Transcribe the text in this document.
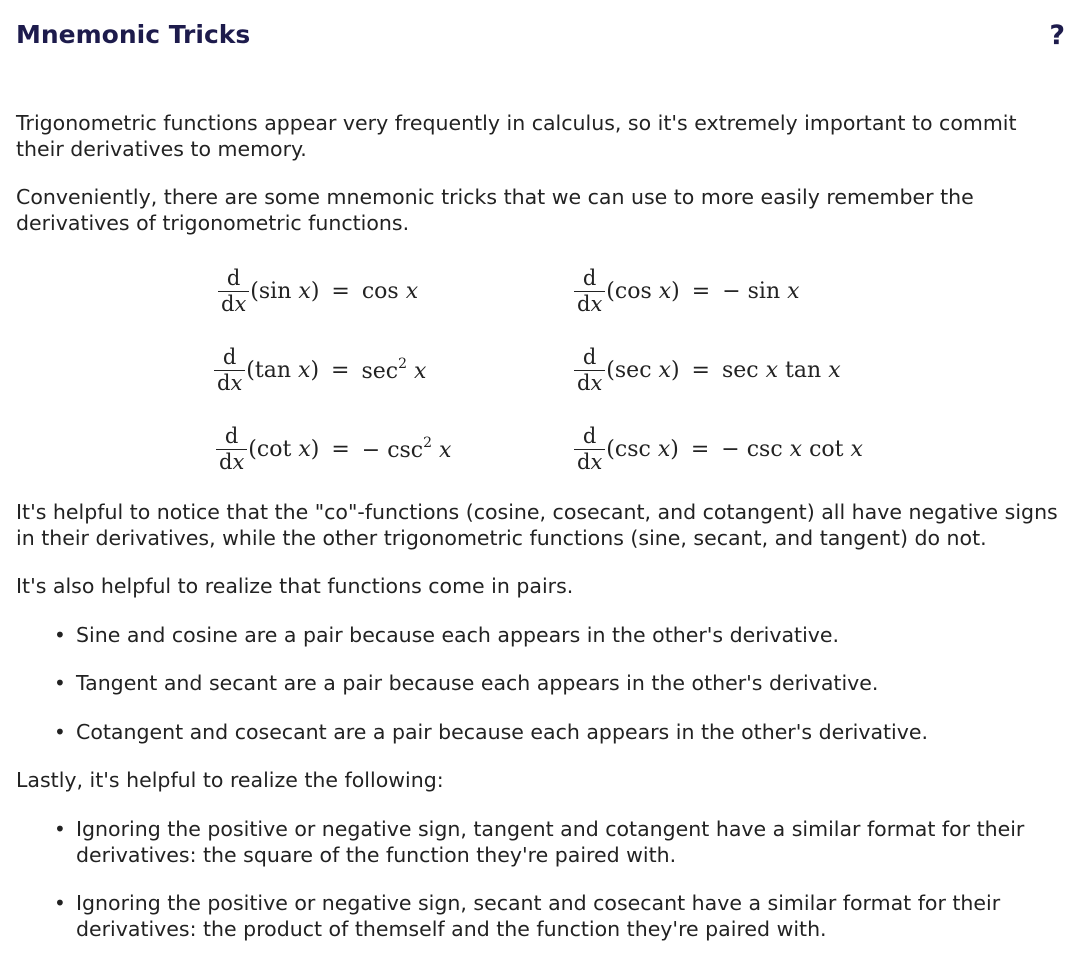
Mnemonic Tricks	?

Trigonometric functions appear very frequently in calculus, so it's extremely important to commit their derivatives to memory.

Conveniently, there are some mnemonic tricks that we can use to more easily remember the derivatives of trigonometric functions.

$\frac{d}{dx} (\sin$ x) = cos x	$\frac{d}{dx} (\cos$ x) = − sin x
$\frac{d}{dx} (\tan$ $x) = \sec^2 x$	$\frac{d}{dx} (\sec$ x) = sec x tan x
$\frac{d}{dx} (\cot$ x) = − $\csc^2 x$	$\frac{d}{dx} (\csc$ x) = − csc x cot x

It's helpful to notice that the "co"-functions (cosine, cosecant, and cotangent) all have negative signs in their derivatives, while the other trigonometric functions (sine, secant, and tangent) do not.

It's also helpful to realize that functions come in pairs.

• Sine and cosine are a pair because each appears in the other's derivative.

• Tangent and secant are a pair because each appears in the other's derivative.

• Cotangent and cosecant are a pair because each appears in the other's derivative.

Lastly, it's helpful to realize the following:

• Ignoring the positive or negative sign, tangent and cotangent have a similar format for their derivatives: the square of the function they're paired with.

• Ignoring the positive or negative sign, secant and cosecant have a similar format for their derivatives: the product of themself and the function they're paired with.
